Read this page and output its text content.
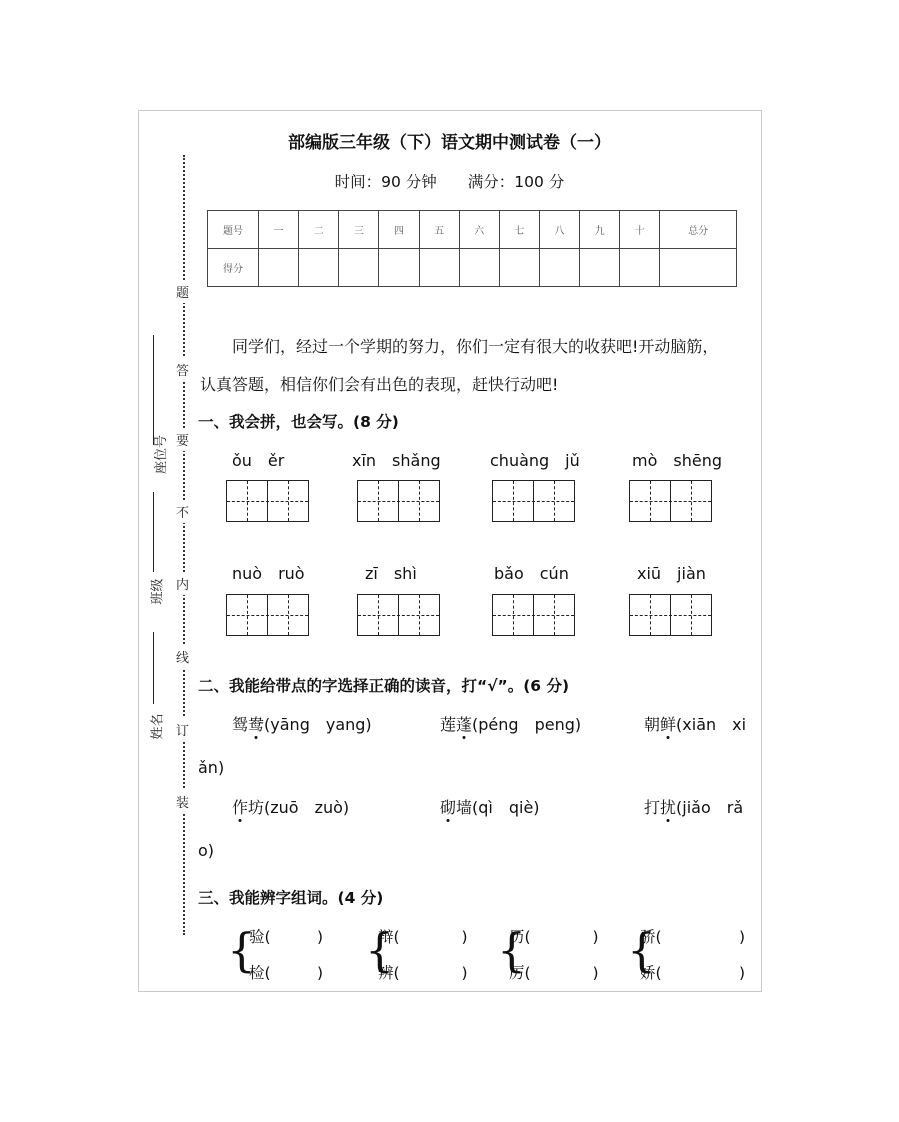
部编版三年级（下）语文期中测试卷（一）
时间：90 分钟　　满分：100 分
题号	一	二	三	四	五	六	七	八	九	十	总分
得分											
题
答
要
不
内
线
订
装
座位号
班级
姓名
同学们，经过一个学期的努力，你们一定有很大的收获吧!开动脑筋，
认真答题，相信你们会有出色的表现，赶快行动吧!
一、我会拼，也会写。(8 分)
ǒu　ěr	xīn　shǎng	chuàng　jǔ	mò　shēng
nuò　ruò	zī　shì	bǎo　cún	xiū　jiàn
二、我能给带点的字选择正确的读音，打“√”。(6 分)
鸳鸯(yāng　yang)	莲蓬(péng　peng)	朝鲜(xiān　xi
ǎn)
作坊(zuō　zuò)	砌墙(qì　qiè)	打扰(jiǎo　rǎ
o)
三、我能辨字组词。(4 分)
{
验(　　　)
检(　　　) {
辩(　　　　)
辨(　　　　) {
历(　　　　)
厉(　　　　) {
骄(　　　　　)
娇(　　　　　)
